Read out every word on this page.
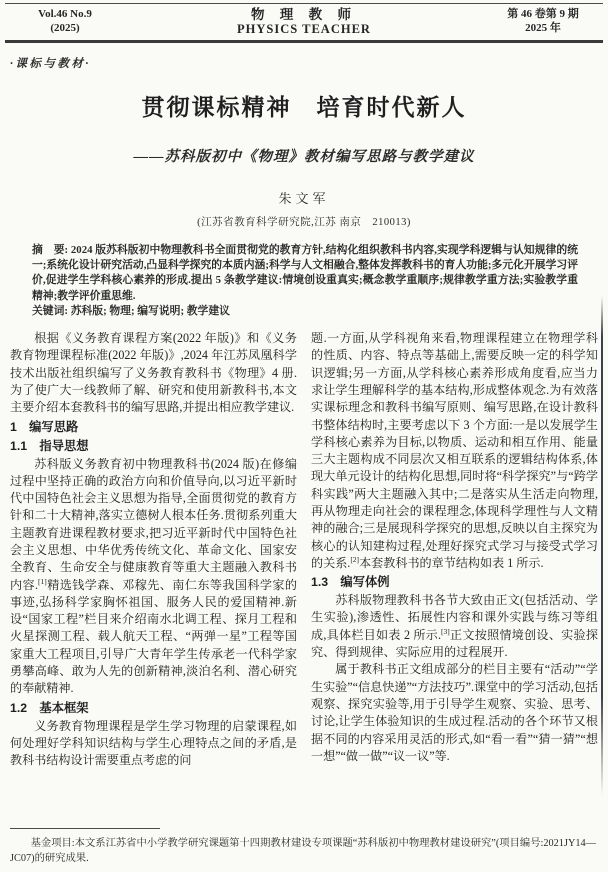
Vol.46 No.9
(2025)
物 理 教 师
PHYSICS TEACHER
第 46 卷第 9 期
2025 年
·课标与教材·
贯彻课标精神　培育时代新人
——苏科版初中《物理》教材编写思路与教学建议
朱文军
(江苏省教育科学研究院,江苏 南京　210013)

摘　要: 2024 版苏科版初中物理教科书全面贯彻党的教育方针,结构化组织教科书内容,实现学科逻辑与认知规律的统一;系统化设计研究活动,凸显科学探究的本质内涵;科学与人文相融合,整体发挥教科书的育人功能;多元化开展学习评价,促进学生学科核心素养的形成.提出 5 条教学建议:情境创设重真实;概念教学重顺序;规律教学重方法;实验教学重精神;教学评价重思维.

关键词: 苏科版; 物理; 编写说明; 教学建议

根据《义务教育课程方案(2022 年版)》和《义务教育物理课程标准(2022 年版)》,2024 年江苏凤凰科学技术出版社组织编写了义务教育教科书《物理》4 册.为了使广大一线教师了解、研究和使用新教科书,本文主要介绍本套教科书的编写思路,并提出相应教学建议.

1　编写思路
1.1　指导思想

苏科版义务教育初中物理教科书(2024 版)在修编过程中坚持正确的政治方向和价值导向,以习近平新时代中国特色社会主义思想为指导,全面贯彻党的教育方针和二十大精神,落实立德树人根本任务.贯彻系列重大主题教育进课程教材要求,把习近平新时代中国特色社会主义思想、中华优秀传统文化、革命文化、国家安全教育、生命安全与健康教育等重大主题融入教科书内容.[1]精选钱学森、邓稼先、南仁东等我国科学家的事迹,弘扬科学家胸怀祖国、服务人民的爱国精神.新设“国家工程”栏目来介绍南水北调工程、探月工程和火星探测工程、载人航天工程、“两弹一星”工程等国家重大工程项目,引导广大青年学生传承老一代科学家勇攀高峰、敢为人先的创新精神,淡泊名利、潜心研究的奉献精神.

1.2　基本框架

义务教育物理课程是学生学习物理的启蒙课程,如何处理好学科知识结构与学生心理特点之间的矛盾,是教科书结构设计需要重点考虑的问

题.一方面,从学科视角来看,物理课程建立在物理学科的性质、内容、特点等基础上,需要反映一定的科学知识逻辑;另一方面,从学科核心素养形成角度看,应当力求让学生理解科学的基本结构,形成整体观念.为有效落实课标理念和教科书编写原则、编写思路,在设计教科书整体结构时,主要考虑以下 3 个方面:一是以发展学生学科核心素养为目标,以物质、运动和相互作用、能量三大主题构成不同层次又相互联系的逻辑结构体系,体现大单元设计的结构化思想,同时将“科学探究”与“跨学科实践”两大主题融入其中;二是落实从生活走向物理,再从物理走向社会的课程理念,体现科学理性与人文精神的融合;三是展现科学探究的思想,反映以自主探究为核心的认知建构过程,处理好探究式学习与接受式学习的关系.[2]本套教科书的章节结构如表 1 所示.

1.3　编写体例

苏科版物理教科书各节大致由正文(包括活动、学生实验),渗透性、拓展性内容和课外实践与练习等组成,具体栏目如表 2 所示.[3]正文按照情境创设、实验探究、得到规律、实际应用的过程展开.

属于教科书正文组成部分的栏目主要有“活动”“学生实验”“信息快递”“方法技巧”.课堂中的学习活动,包括观察、探究实验等,用于引导学生观察、实验、思考、讨论,让学生体验知识的生成过程.活动的各个环节又根据不同的内容采用灵活的形式,如“看一看”“猜一猜”“想一想”“做一做”“议一议”等.

基金项目:本文系江苏省中小学教学研究课题第十四期教材建设专项课题“苏科版初中物理教材建设研究”(项目编号:2021JY14—JC07)的研究成果.
